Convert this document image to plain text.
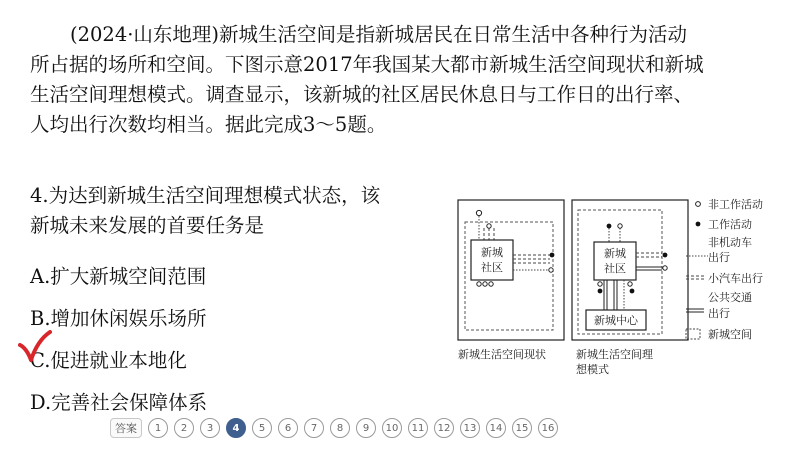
(2024·山东地理)新城生活空间是指新城居民在日常生活中各种行为活动
所占据的场所和空间。下图示意2017年我国某大都市新城生活空间现状和新城
生活空间理想模式。调查显示，该新城的社区居民休息日与工作日的出行率、
人均出行次数均相当。据此完成3～5题。
4.为达到新城生活空间理想模式状态，该
新城未来发展的首要任务是
A.扩大新城空间范围
B.增加休闲娱乐场所
C.促进就业本地化
D.完善社会保障体系
新城社区
新城生活空间现状
新城社区
新城中心
新城生活空间理
想模式
非工作活动
工作活动
非机动车
出行
小汽车出行
公共交通
出行
新城空间
答案	1	2	3	4	5	6	7	8	9	10	11	12	13	14	15	16
